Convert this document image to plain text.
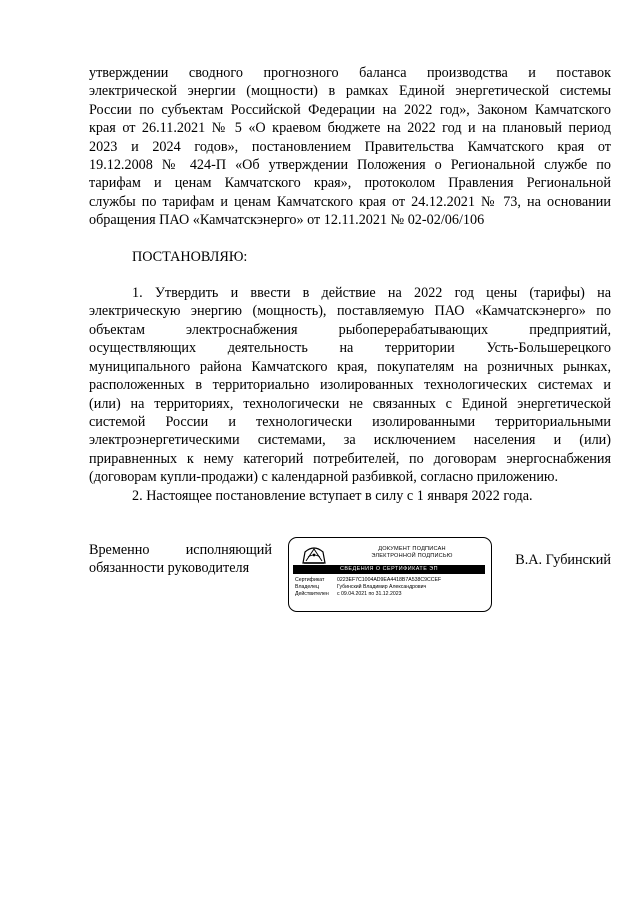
утверждении сводного прогнозного баланса производства и поставок

электрической энергии (мощности) в рамках Единой энергетической системы

России по субъектам Российской Федерации на 2022 год», Законом Камчатского

края от 26.11.2021 № 5 «О краевом бюджете на 2022 год и на плановый период

2023 и 2024 годов», постановлением Правительства Камчатского края от

19.12.2008 № 424-П «Об утверждении Положения о Региональной службе по

тарифам и ценам Камчатского края», протоколом Правления Региональной

службы по тарифам и ценам Камчатского края от 24.12.2021 № 73, на основании

обращения ПАО «Камчатскэнерго» от 12.11.2021 № 02-02/06/106

ПОСТАНОВЛЯЮ:

1. Утвердить и ввести в действие на 2022 год цены (тарифы) на

электрическую энергию (мощность), поставляемую ПАО «Камчатскэнерго» по

объектам электроснабжения рыбоперерабатывающих предприятий,

осуществляющих деятельность на территории Усть-Большерецкого

муниципального района Камчатского края, покупателям на розничных рынках,

расположенных в территориально изолированных технологических системах и

(или) на территориях, технологически не связанных с Единой энергетической

системой России и технологически изолированными территориальными

электроэнергетическими системами, за исключением населения и (или)

приравненных к нему категорий потребителей, по договорам энергоснабжения

(договорам купли-продажи) с календарной разбивкой, согласно приложению.

2. Настоящее постановление вступает в силу с 1 января 2022 года.

Временно исполняющий

обязанности руководителя

ДОКУМЕНТ ПОДПИСАН
ЭЛЕКТРОННОЙ ПОДПИСЬЮ
СВЕДЕНИЯ О СЕРТИФИКАТЕ ЭП
Сертификат	0223EF7C1004AD9EA4418B7A538C9CCEF
Владелец	Губинский Владимир Александрович
Действителен	с 09.04.2021 по 31.12.2023
В.А. Губинский
